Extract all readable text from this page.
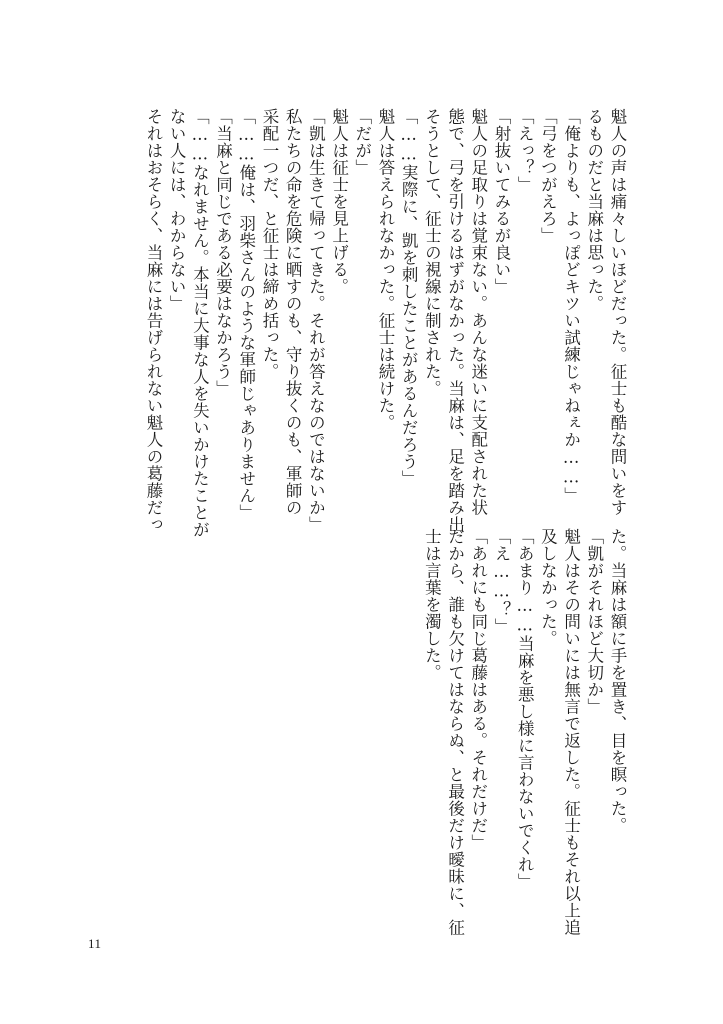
魁人の声は痛々しいほどだった。征士も酷な問いをす
るものだと当麻は思った。
「俺よりも、よっぽどキツい試練じゃねぇか……」
「弓をつがえろ」
「えっ？」
「射抜いてみるが良い」
魁人の足取りは覚束ない。あんな迷いに支配された状
態で、弓を引けるはずがなかった。当麻は、足を踏み出
そうとして、征士の視線に制された。
「……実際に、凱を刺したことがあるんだろう」
魁人は答えられなかった。征士は続けた。
「だが」
魁人は征士を見上げる。
「凱は生きて帰ってきた。それが答えなのではないか」
私たちの命を危険に晒すのも、守り抜くのも、軍師の
采配一つだ、と征士は締め括った。
「……俺は、羽柴さんのような軍師じゃありません」
「当麻と同じである必要はなかろう」
「……なれません。本当に大事な人を失いかけたことが
ない人には、わからない」
それはおそらく、当麻には告げられない魁人の葛藤だっ
た。当麻は額に手を置き、目を瞑った。
「凱がそれほど大切か」
魁人はその問いには無言で返した。征士もそれ以上追
及しなかった。
「あまり……当麻を悪し様に言わないでくれ」
「え……？」
「あれにも同じ葛藤はある。それだけだ」
だから、誰も欠けてはならぬ、と最後だけ曖昧に、征
士は言葉を濁した。
11
